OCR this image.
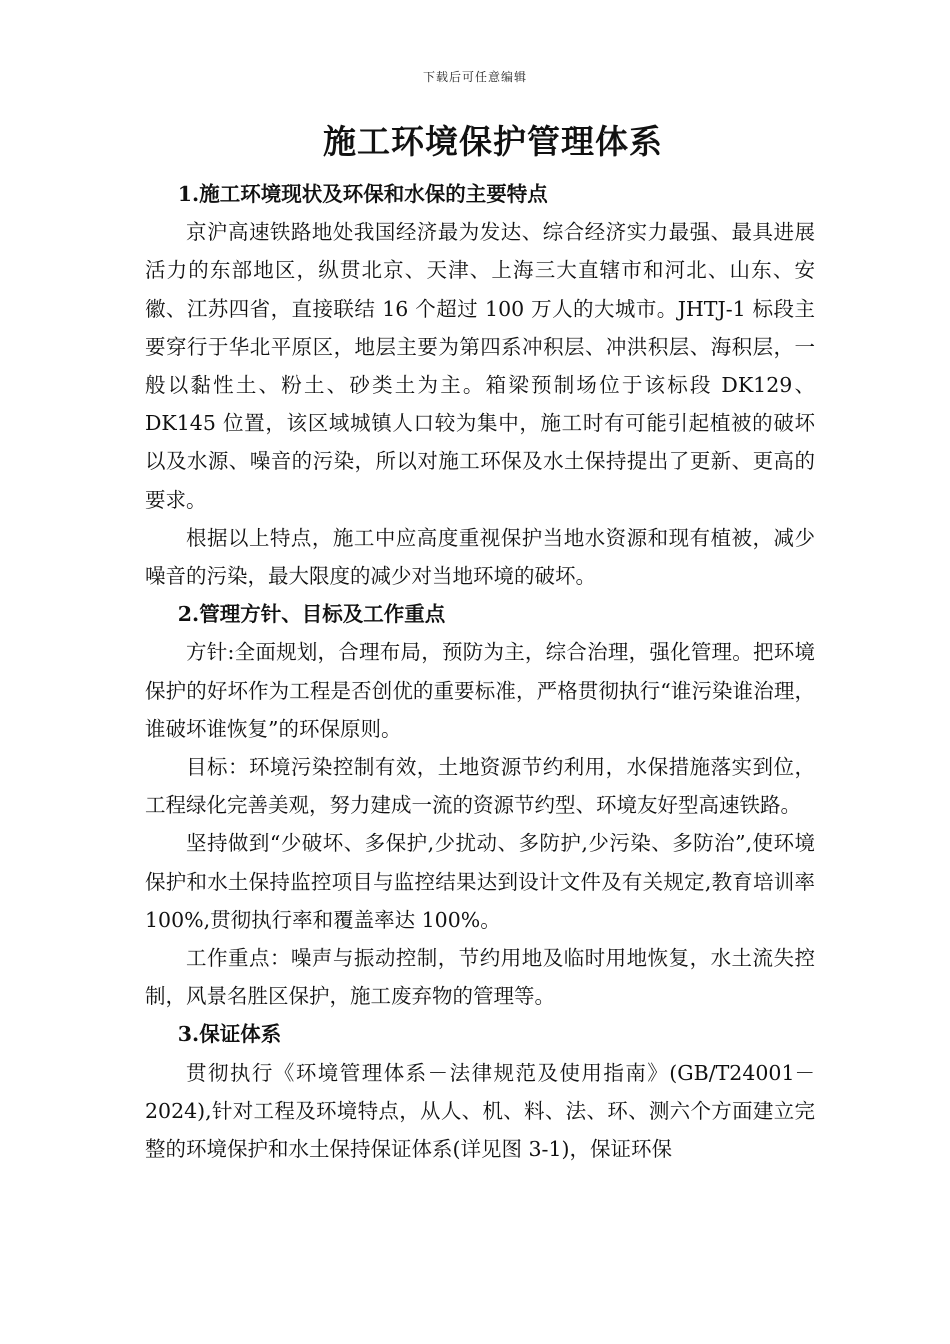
下载后可任意编辑
施工环境保护管理体系
1.施工环境现状及环保和水保的主要特点

京沪高速铁路地处我国经济最为发达、综合经济实力最强、最具进展活力的东部地区，纵贯北京、天津、上海三大直辖市和河北、山东、安徽、江苏四省，直接联结 16 个超过 100 万人的大城市。JHTJ-1 标段主要穿行于华北平原区，地层主要为第四系冲积层、冲洪积层、海积层，一般以黏性土、粉土、砂类土为主。箱梁预制场位于该标段 DK129、DK145 位置，该区域城镇人口较为集中，施工时有可能引起植被的破坏以及水源、噪音的污染，所以对施工环保及水土保持提出了更新、更高的要求。

根据以上特点，施工中应高度重视保护当地水资源和现有植被，减少噪音的污染，最大限度的减少对当地环境的破坏。

2.管理方针、目标及工作重点

方针:全面规划，合理布局，预防为主，综合治理，强化管理。把环境保护的好坏作为工程是否创优的重要标准，严格贯彻执行“谁污染谁治理，谁破坏谁恢复”的环保原则。

目标：环境污染控制有效，土地资源节约利用，水保措施落实到位，工程绿化完善美观，努力建成一流的资源节约型、环境友好型高速铁路。

坚持做到“少破坏、多保护,少扰动、多防护,少污染、多防治”,使环境保护和水土保持监控项目与监控结果达到设计文件及有关规定,教育培训率 100%,贯彻执行率和覆盖率达 100%。

工作重点：噪声与振动控制，节约用地及临时用地恢复，水土流失控制，风景名胜区保护，施工废弃物的管理等。

3.保证体系

贯彻执行《环境管理体系－法律规范及使用指南》(GB/T24001－2024),针对工程及环境特点，从人、机、料、法、环、测六个方面建立完整的环境保护和水土保持保证体系(详见图 3-1)，保证环保
